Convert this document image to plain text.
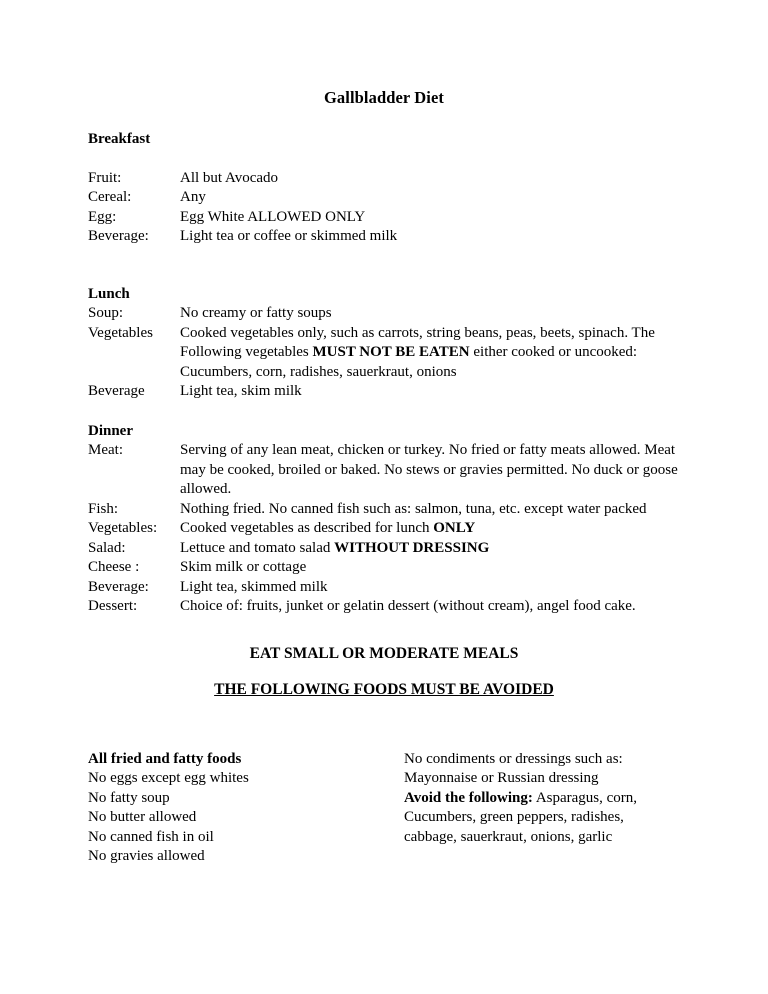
Gallbladder Diet
Breakfast
Fruit:	All but Avocado
Cereal:	Any
Egg:	Egg White ALLOWED ONLY
Beverage:	Light tea or coffee or skimmed milk
Lunch
Soup:	No creamy or fatty soups
Vegetables	Cooked vegetables only, such as carrots, string beans, peas, beets, spinach. The Following vegetables MUST NOT BE EATEN either cooked or uncooked: Cucumbers, corn, radishes, sauerkraut, onions
Beverage	Light tea, skim milk
Dinner
Meat:	Serving of any lean meat, chicken or turkey. No fried or fatty meats allowed. Meat may be cooked, broiled or baked. No stews or gravies permitted. No duck or goose allowed.
Fish:	Nothing fried. No canned fish such as: salmon, tuna, etc. except water packed
Vegetables:	Cooked vegetables as described for lunch ONLY
Salad:	Lettuce and tomato salad WITHOUT DRESSING
Cheese :	Skim milk or cottage
Beverage:	Light tea, skimmed milk
Dessert:	Choice of: fruits, junket or gelatin dessert (without cream), angel food cake.
EAT SMALL OR MODERATE MEALS
THE FOLLOWING FOODS MUST BE AVOIDED
All fried and fatty foods
No eggs except egg whites
No fatty soup
No butter allowed
No canned fish in oil
No gravies allowed
No condiments or dressings such as:
Mayonnaise or Russian dressing
Avoid the following: Asparagus, corn, Cucumbers, green peppers, radishes, cabbage, sauerkraut, onions, garlic
